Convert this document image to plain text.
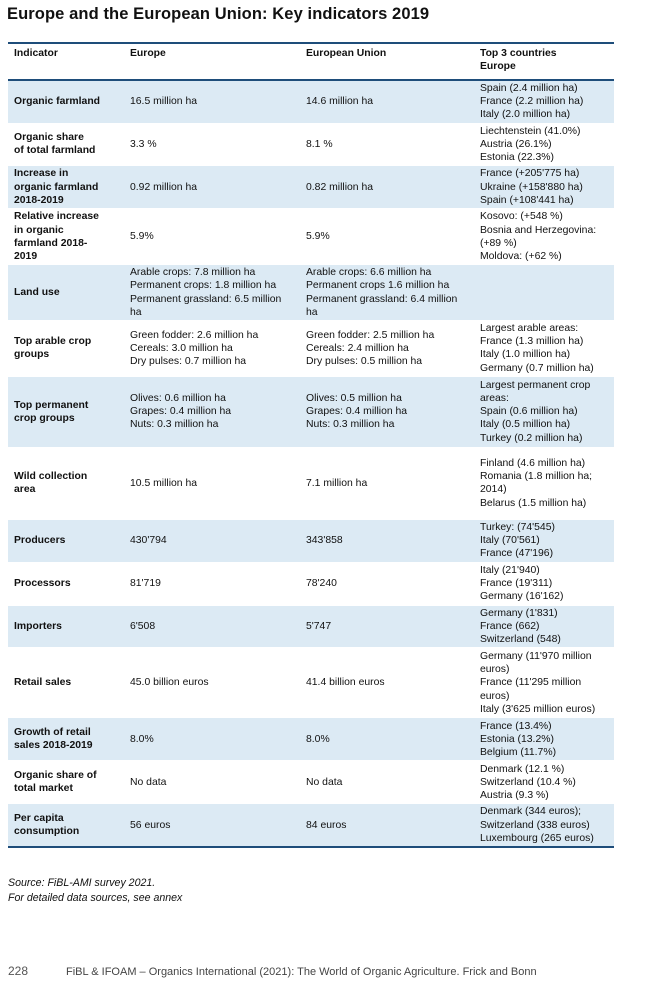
Europe and the European Union: Key indicators 2019
Indicator	Europe	European Union	Top 3 countries
Europe

Organic farmland	16.5 million ha	14.6 million ha	Spain (2.4 million ha)
France (2.2 million ha)
Italy (2.0 million ha)

Organic share
of total farmland	3.3 %	8.1 %	Liechtenstein (41.0%)
Austria (26.1%)
Estonia (22.3%)

Increase in
organic farmland
2018-2019	0.92 million ha	0.82 million ha	France (+205'775 ha)
Ukraine (+158'880 ha)
Spain (+108'441 ha)

Relative increase
in organic
farmland 2018-
2019	5.9%	5.9%	Kosovo: (+548 %)
Bosnia and Herzegovina:
(+89 %)
Moldova: (+62 %)

Land use	Arable crops: 7.8 million ha
Permanent crops: 1.8 million ha
Permanent grassland: 6.5 million
ha	Arable crops: 6.6 million ha
Permanent crops 1.6 million ha
Permanent grassland: 6.4 million
ha	

Top arable crop
groups	Green fodder: 2.6 million ha
Cereals: 3.0 million ha
Dry pulses: 0.7 million ha	Green fodder: 2.5 million ha
Cereals: 2.4 million ha
Dry pulses: 0.5 million ha	Largest arable areas:
France (1.3 million ha)
Italy (1.0 million ha)
Germany (0.7 million ha)

Top permanent
crop groups	Olives: 0.6 million ha
Grapes: 0.4 million ha
Nuts: 0.3 million ha	Olives: 0.5 million ha
Grapes: 0.4 million ha
Nuts: 0.3 million ha	Largest permanent crop
areas:
Spain (0.6 million ha)
Italy (0.5 million ha)
Turkey (0.2 million ha)

Wild collection
area	10.5 million ha	7.1 million ha	Finland (4.6 million ha)
Romania (1.8 million ha;
2014)
Belarus (1.5 million ha)

Producers	430'794	343'858	Turkey: (74'545)
Italy (70'561)
France (47'196)

Processors	81'719	78'240	Italy (21'940)
France (19'311)
Germany (16'162)

Importers	6'508	5'747	Germany (1'831)
France (662)
Switzerland (548)

Retail sales	45.0 billion euros	41.4 billion euros	Germany (11'970 million
euros)
France (11'295 million
euros)
Italy (3'625 million euros)

Growth of retail
sales 2018-2019	8.0%	8.0%	France (13.4%)
Estonia (13.2%)
Belgium (11.7%)

Organic share of
total market	No data	No data	Denmark (12.1 %)
Switzerland (10.4 %)
Austria (9.3 %)

Per capita
consumption	56 euros	84 euros	Denmark (344 euros);
Switzerland (338 euros)
Luxembourg (265 euros)
Source: FiBL-AMI survey 2021.
For detailed data sources, see annex
228	FiBL & IFOAM – Organics International (2021): The World of Organic Agriculture. Frick and Bonn
